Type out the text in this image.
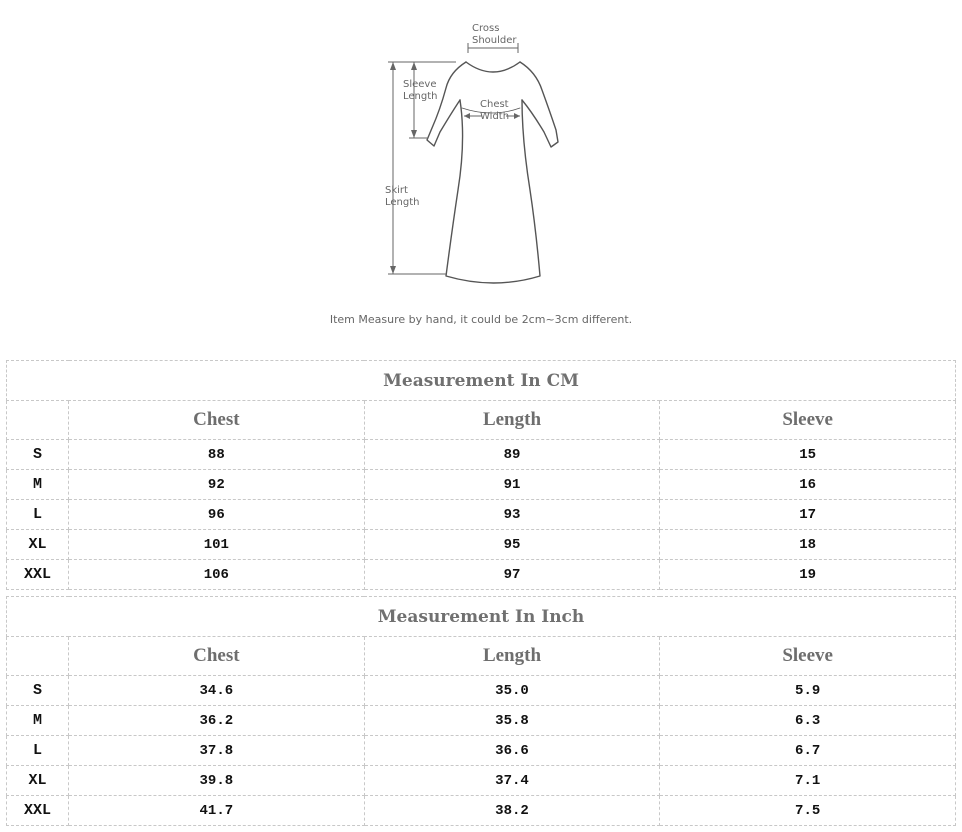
Cross
Shoulder
Sleeve
Length
Chest
Width
Skirt
Length
Item Measure by hand, it could be 2cm~3cm different.
Measurement In CM			
	Chest	Length	Sleeve
S	88	89	15
M	92	91	16
L	96	93	17
XL	101	95	18
XXL	106	97	19
Measurement In Inch			
	Chest	Length	Sleeve
S	34.6	35.0	5.9
M	36.2	35.8	6.3
L	37.8	36.6	6.7
XL	39.8	37.4	7.1
XXL	41.7	38.2	7.5
